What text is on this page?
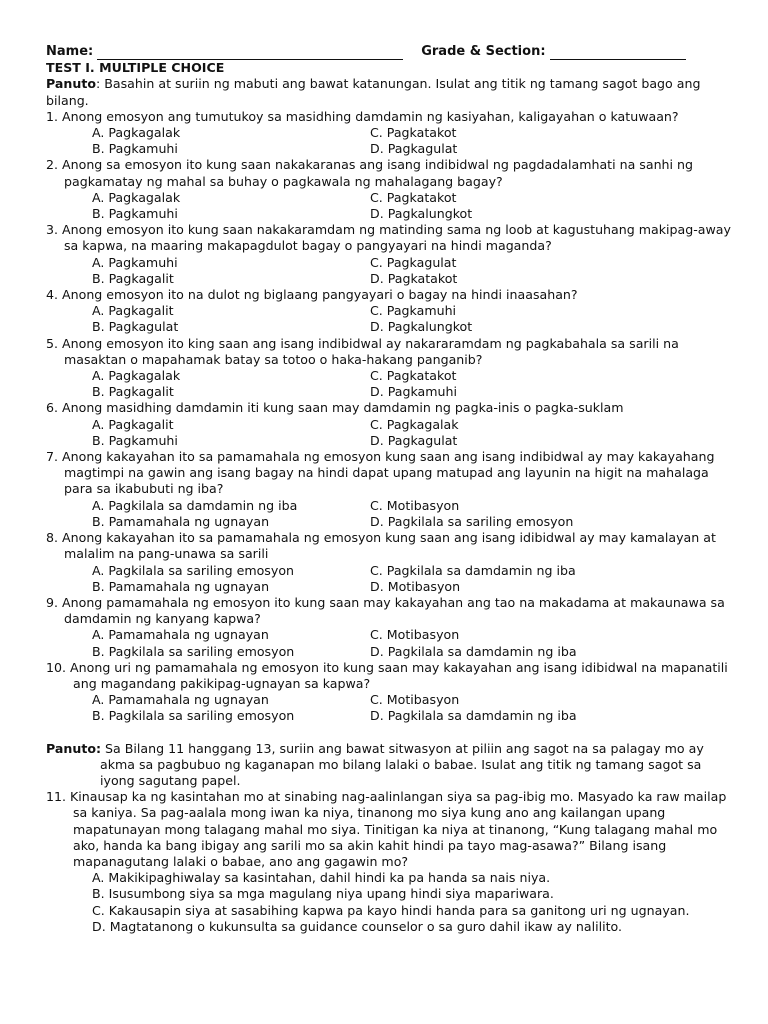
Name:	Grade & Section:
TEST I. MULTIPLE CHOICE
Panuto: Basahin at suriin ng mabuti ang bawat katanungan. Isulat ang titik ng tamang sagot bago ang bilang.
1. Anong emosyon ang tumutukoy sa masidhing damdamin ng kasiyahan, kaligayahan o katuwaan?
A. Pagkagalak	C. Pagkatakot
B. Pagkamuhi	D. Pagkagulat
2. Anong sa emosyon ito kung saan nakakaranas ang isang indibidwal ng pagdadalamhati na sanhi ng pagkamatay ng mahal sa buhay o pagkawala ng mahalagang bagay?
A. Pagkagalak	C. Pagkatakot
B. Pagkamuhi	D. Pagkalungkot
3. Anong emosyon ito kung saan nakakaramdam ng matinding sama ng loob at kagustuhang makipag-away sa kapwa, na maaring makapagdulot bagay o pangyayari na hindi maganda?
A. Pagkamuhi	C. Pagkagulat
B. Pagkagalit	D. Pagkatakot
4. Anong emosyon ito na dulot ng biglaang pangyayari o bagay na hindi inaasahan?
A. Pagkagalit	C. Pagkamuhi
B. Pagkagulat	D. Pagkalungkot
5. Anong emosyon ito king saan ang isang indibidwal ay nakararamdam ng pagkabahala sa sarili na masaktan o mapahamak batay sa totoo o haka-hakang panganib?
A. Pagkagalak	C. Pagkatakot
B. Pagkagalit	D. Pagkamuhi
6. Anong masidhing damdamin iti kung saan may damdamin ng pagka-inis o pagka-suklam
A. Pagkagalit	C. Pagkagalak
B. Pagkamuhi	D. Pagkagulat
7. Anong kakayahan ito sa pamamahala ng emosyon kung saan ang isang indibidwal ay may kakayahang magtimpi na gawin ang isang bagay na hindi dapat upang matupad ang layunin na higit na mahalaga para sa ikabubuti ng iba?
A. Pagkilala sa damdamin ng iba	C. Motibasyon
B. Pamamahala ng ugnayan	D. Pagkilala sa sariling emosyon
8. Anong kakayahan ito sa pamamahala ng emosyon kung saan ang isang idibidwal ay may kamalayan at malalim na pang-unawa sa sarili
A. Pagkilala sa sariling emosyon	C. Pagkilala sa damdamin ng iba
B. Pamamahala ng ugnayan	D. Motibasyon
9. Anong pamamahala ng emosyon ito kung saan may kakayahan ang tao na makadama at makaunawa sa damdamin ng kanyang kapwa?
A. Pamamahala ng ugnayan	C. Motibasyon
B. Pagkilala sa sariling emosyon	D. Pagkilala sa damdamin ng iba
10. Anong uri ng pamamahala ng emosyon ito kung saan may kakayahan ang isang idibidwal na mapanatili ang magandang pakikipag-ugnayan sa kapwa?
A. Pamamahala ng ugnayan	C. Motibasyon
B. Pagkilala sa sariling emosyon	D. Pagkilala sa damdamin ng iba
Panuto: Sa Bilang 11 hanggang 13, suriin ang bawat sitwasyon at piliin ang sagot na sa palagay mo ay
akma sa pagbubuo ng kaganapan mo bilang lalaki o babae. Isulat ang titik ng tamang sagot sa
iyong sagutang papel.
11. Kinausap ka ng kasintahan mo at sinabing nag-aalinlangan siya sa pag-ibig mo. Masyado ka raw mailap sa kaniya. Sa pag-aalala mong iwan ka niya, tinanong mo siya kung ano ang kailangan upang mapatunayan mong talagang mahal mo siya. Tinitigan ka niya at tinanong, “Kung talagang mahal mo ako, handa ka bang ibigay ang sarili mo sa akin kahit hindi pa tayo mag-asawa?” Bilang isang mapanagutang lalaki o babae, ano ang gagawin mo?
A. Makikipaghiwalay sa kasintahan, dahil hindi ka pa handa sa nais niya.
B. Isusumbong siya sa mga magulang niya upang hindi siya mapariwara.
C. Kakausapin siya at sasabihing kapwa pa kayo hindi handa para sa ganitong uri ng ugnayan.
D. Magtatanong o kukunsulta sa guidance counselor o sa guro dahil ikaw ay nalilito.
